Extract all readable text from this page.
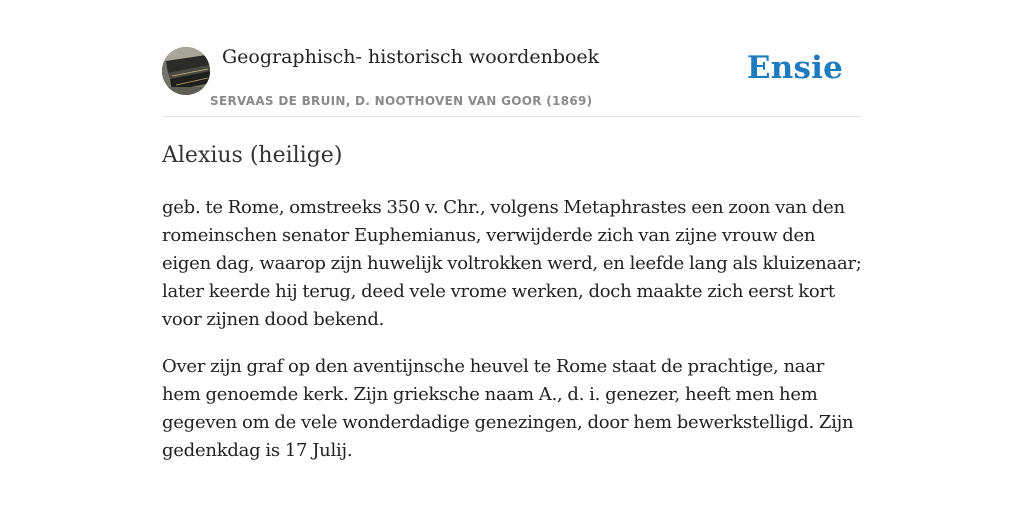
Geographisch- historisch woordenboek
SERVAAS DE BRUIN, D. NOOTHOVEN VAN GOOR (1869)
Ensie
Alexius (heilige)

geb. te Rome, omstreeks 350 v. Chr., volgens Metaphrastes een zoon van den romeinschen senator Euphemianus, verwijderde zich van zijne vrouw den eigen dag, waarop zijn huwelijk voltrokken werd, en leefde lang als kluizenaar; later keerde hij terug, deed vele vrome werken, doch maakte zich eerst kort voor zijnen dood bekend.

Over zijn graf op den aventijnsche heuvel te Rome staat de prachtige, naar hem genoemde kerk. Zijn grieksche naam A., d. i. genezer, heeft men hem gegeven om de vele wonderdadige genezingen, door hem bewerkstelligd. Zijn gedenkdag is 17 Julij.
